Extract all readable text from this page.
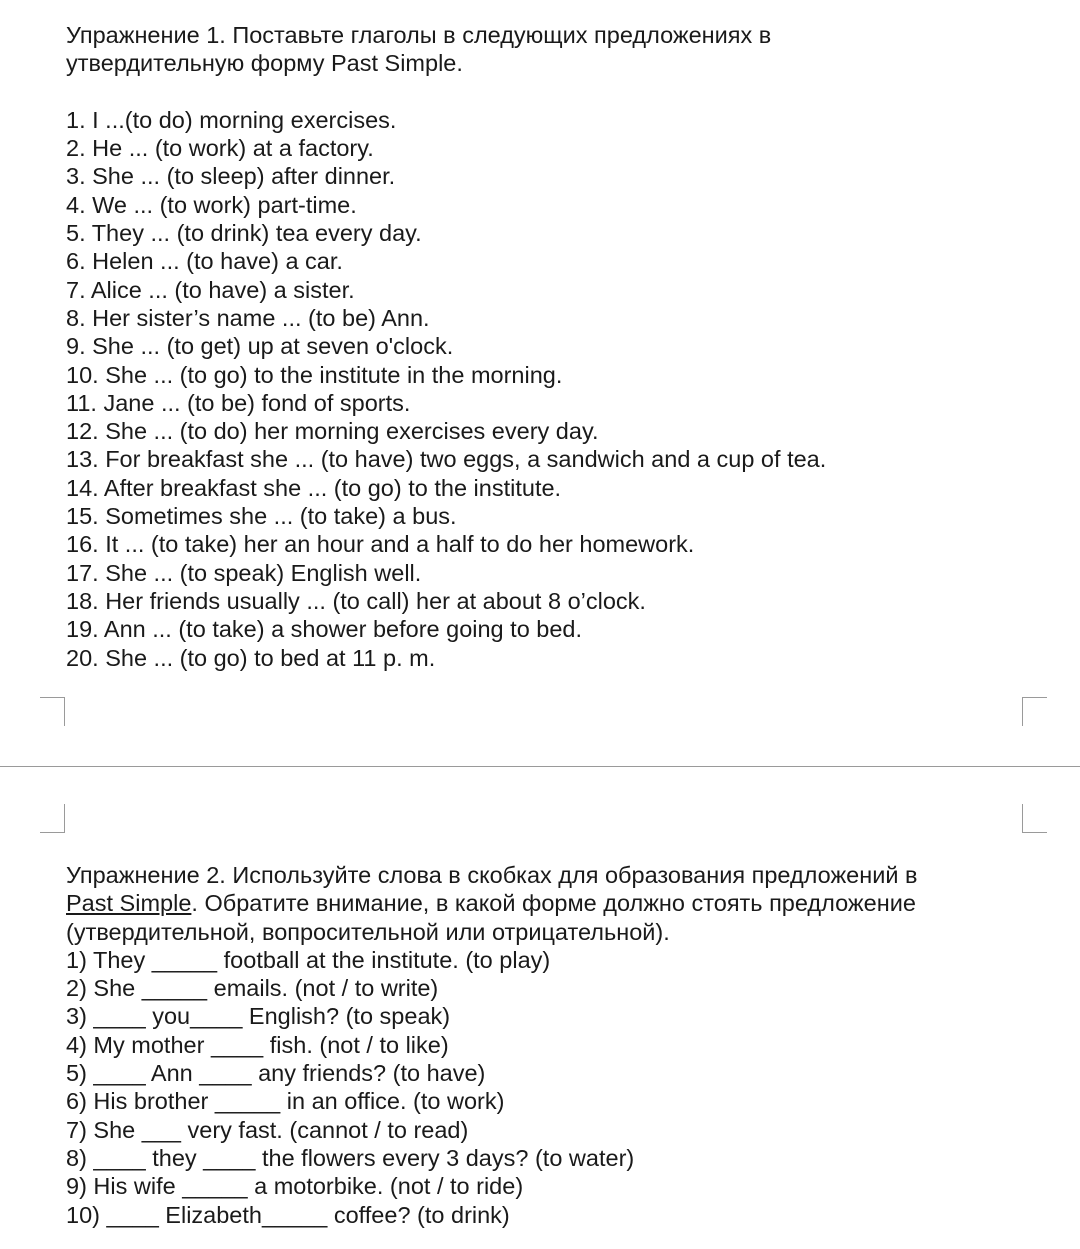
Упражнение 1. Поставьте глаголы в следующих предложениях в
утвердительную форму Past Simple.
1. I ...(to do) morning exercises.
2. He ... (to work) at a factory.
3. She ... (to sleep) after dinner.
4. We ... (to work) part-time.
5. They ... (to drink) tea every day.
6. Helen ... (to have) a car.
7. Alice ... (to have) a sister.
8. Her sister’s name ... (to be) Ann.
9. She ... (to get) up at seven o'clock.
10. She ... (to go) to the institute in the morning.
11. Jane ... (to be) fond of sports.
12. She ... (to do) her morning exercises every day.
13. For breakfast she ... (to have) two eggs, a sandwich and a cup of tea.
14. After breakfast she ... (to go) to the institute.
15. Sometimes she ... (to take) a bus.
16. It ... (to take) her an hour and a half to do her homework.
17. She ... (to speak) English well.
18. Her friends usually ... (to call) her at about 8 o’clock.
19. Ann ... (to take) a shower before going to bed.
20. She ... (to go) to bed at 11 p. m.
Упражнение 2. Используйте слова в скобках для образования предложений в
Past Simple. Обратите внимание, в какой форме должно стоять предложение
(утвердительной, вопросительной или отрицательной).
1) They _____ football at the institute. (to play)
2) She _____ emails. (not / to write)
3) ____ you____ English? (to speak)
4) My mother ____ fish. (not / to like)
5) ____ Ann ____ any friends? (to have)
6) His brother _____ in an office. (to work)
7) She ___ very fast. (cannot / to read)
8) ____ they ____ the flowers every 3 days? (to water)
9) His wife _____ a motorbike. (not / to ride)
10) ____ Elizabeth_____ coffee? (to drink)
